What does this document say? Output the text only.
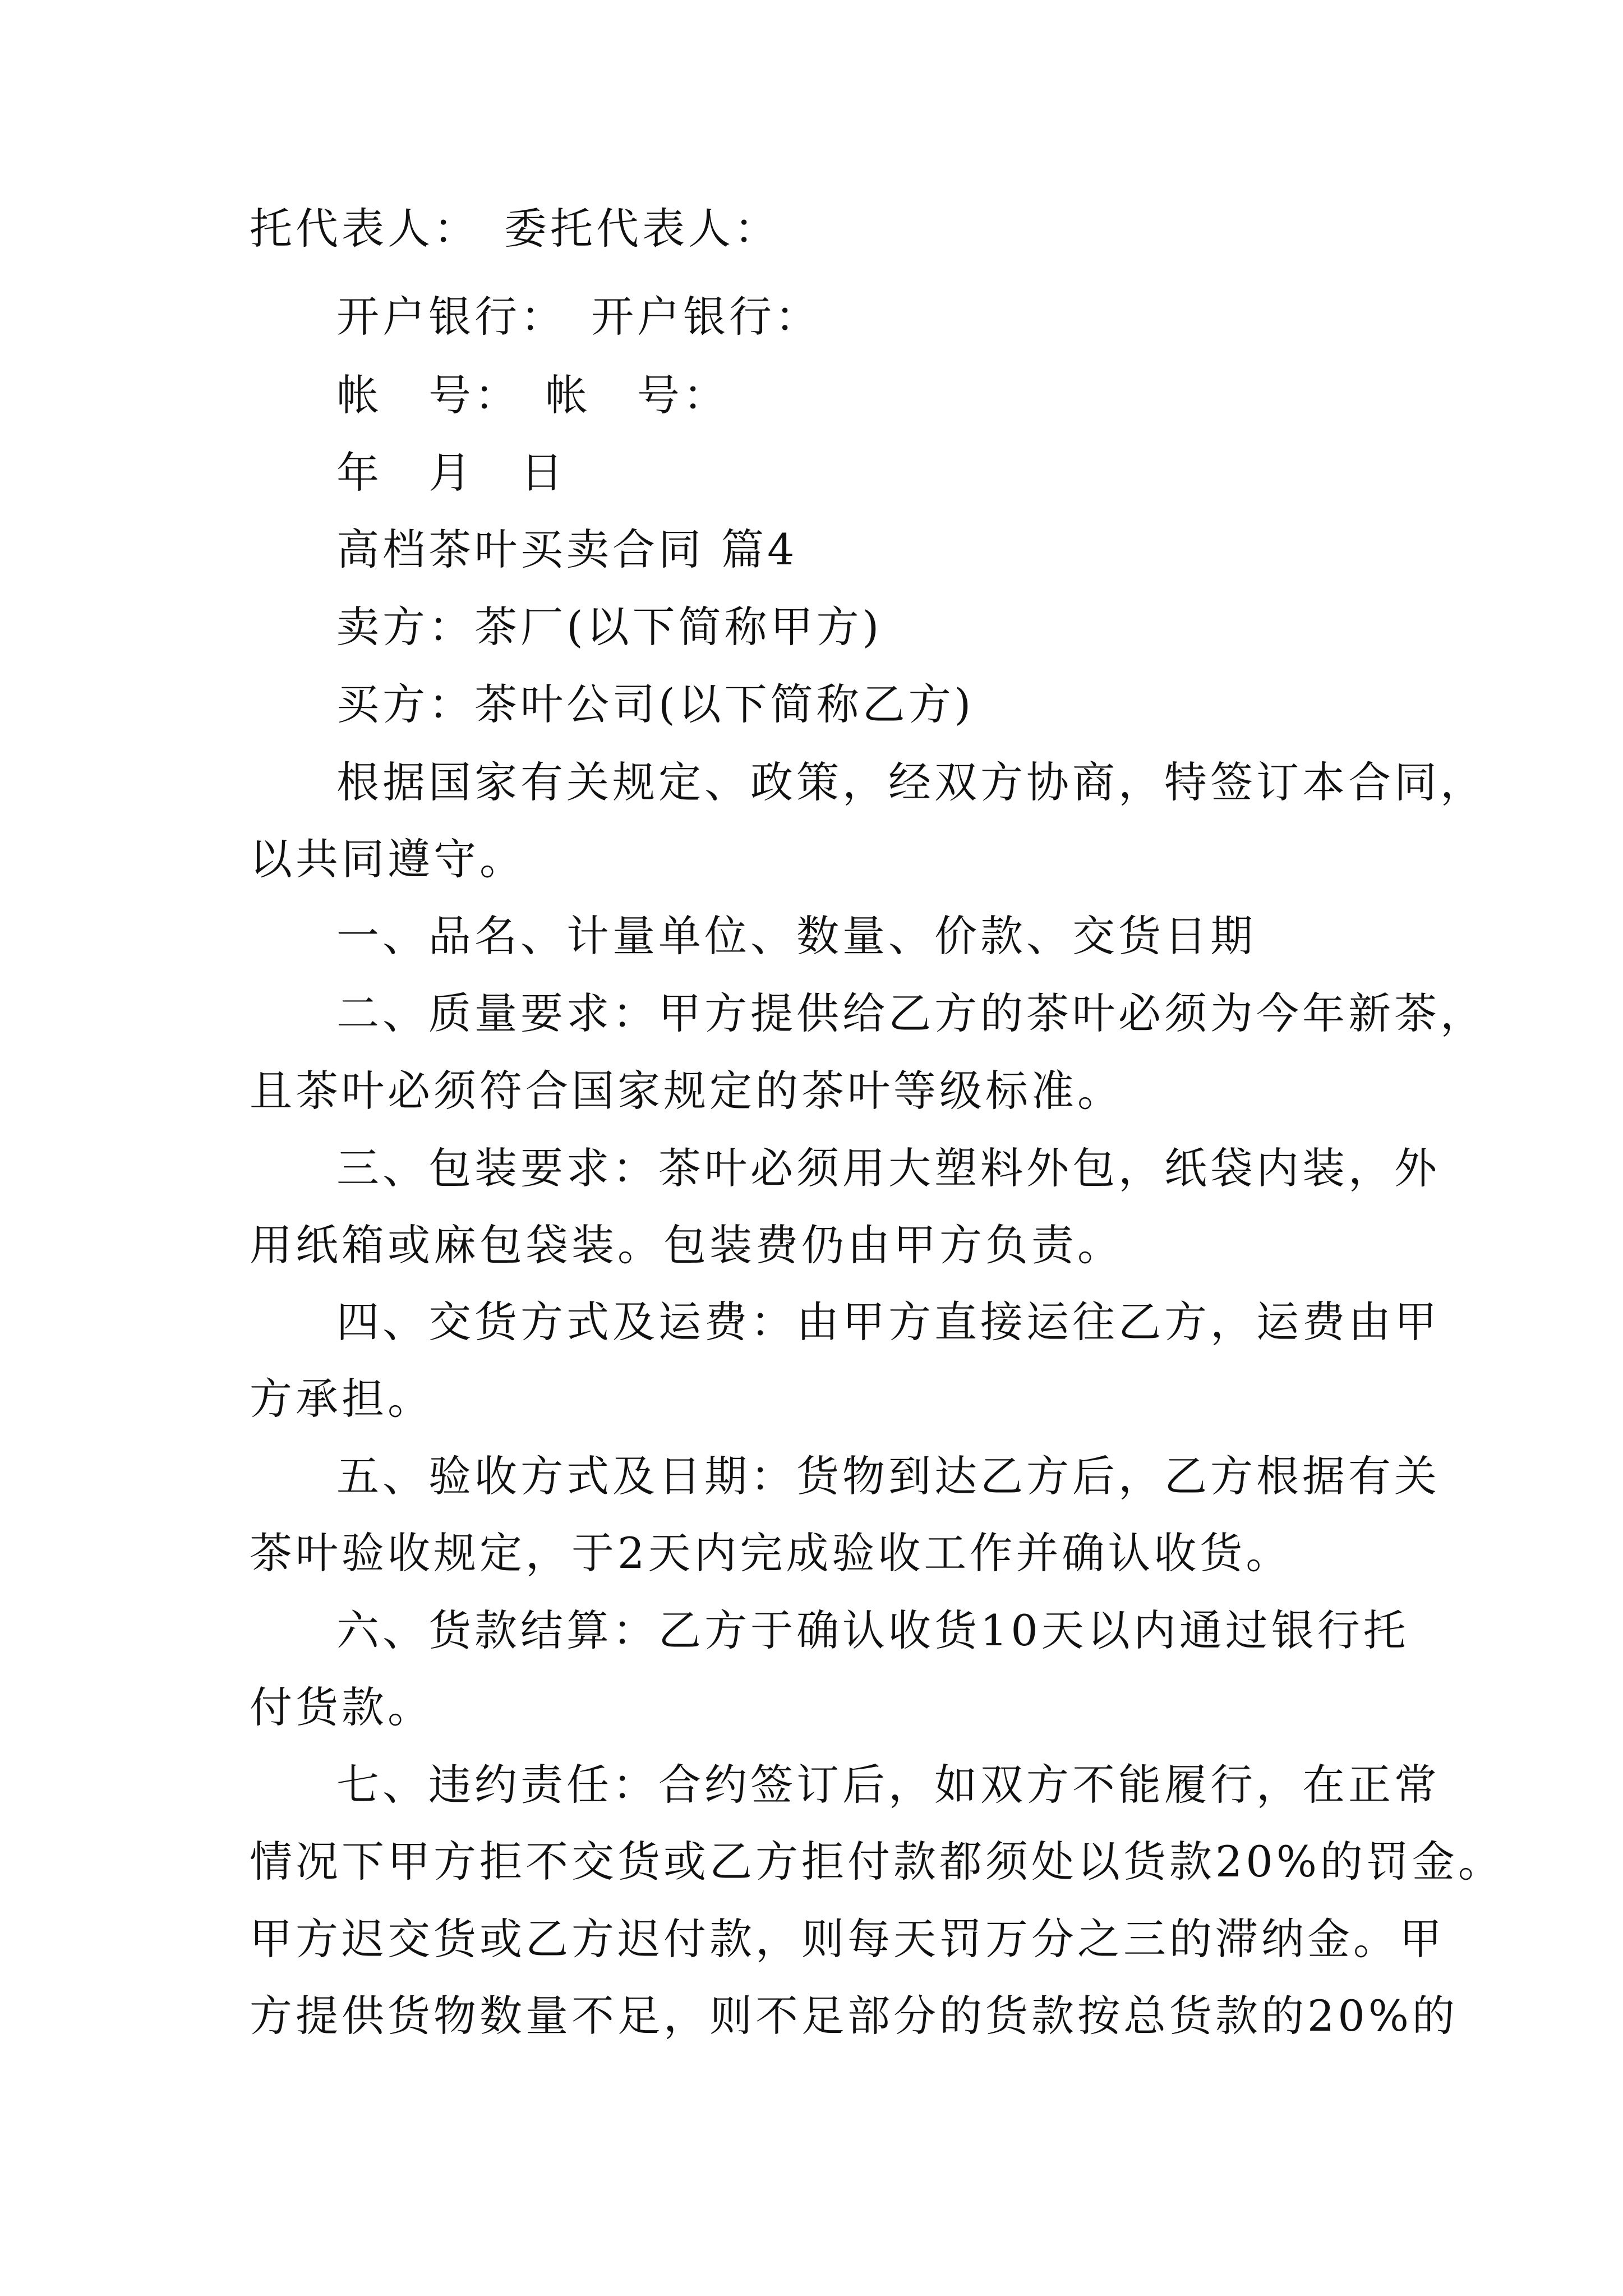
托代表人：　委托代表人：
开户银行：　开户银行：
帐　号：　帐　号：
年　月　日
高档茶叶买卖合同 篇4
卖方：茶厂(以下简称甲方)
买方：茶叶公司(以下简称乙方)
根据国家有关规定、政策，经双方协商，特签订本合同，
以共同遵守。
一、品名、计量单位、数量、价款、交货日期
二、质量要求：甲方提供给乙方的茶叶必须为今年新茶，
且茶叶必须符合国家规定的茶叶等级标准。
三、包装要求：茶叶必须用大塑料外包，纸袋内装，外
用纸箱或麻包袋装。包装费仍由甲方负责。
四、交货方式及运费：由甲方直接运往乙方，运费由甲
方承担。
五、验收方式及日期：货物到达乙方后，乙方根据有关
茶叶验收规定，于2天内完成验收工作并确认收货。
六、货款结算：乙方于确认收货10天以内通过银行托
付货款。
七、违约责任：合约签订后，如双方不能履行，在正常
情况下甲方拒不交货或乙方拒付款都须处以货款20%的罚金。
甲方迟交货或乙方迟付款，则每天罚万分之三的滞纳金。甲
方提供货物数量不足，则不足部分的货款按总货款的20%的
